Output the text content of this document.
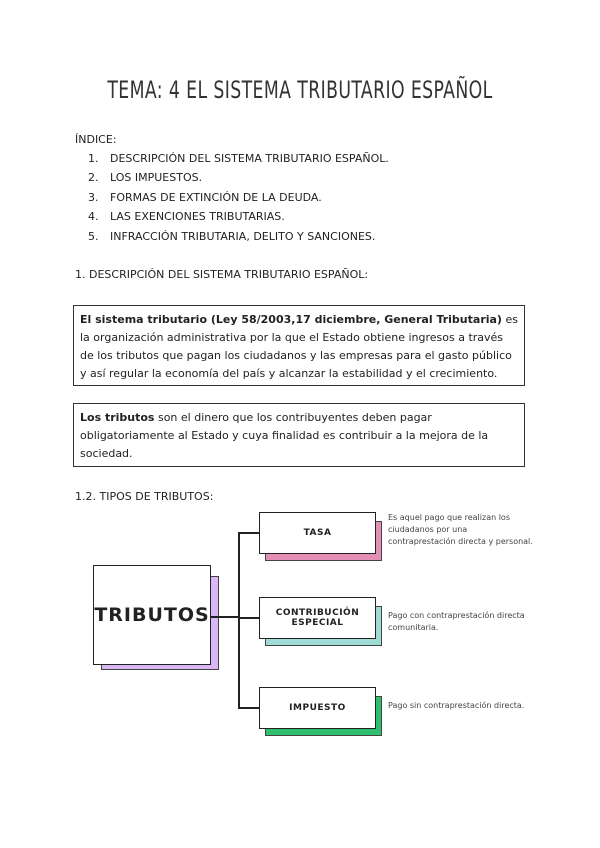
TEMA: 4 EL SISTEMA TRIBUTARIO ESPAÑOL
ÍNDICE:
1. DESCRIPCIÓN DEL SISTEMA TRIBUTARIO ESPAÑOL.
2. LOS IMPUESTOS.
3. FORMAS DE EXTINCIÓN DE LA DEUDA.
4. LAS EXENCIONES TRIBUTARIAS.
5. INFRACCIÓN TRIBUTARIA, DELITO Y SANCIONES.
1. DESCRIPCIÓN DEL SISTEMA TRIBUTARIO ESPAÑOL:
El sistema tributario (Ley 58/2003,17 diciembre, General Tributaria) es la organización administrativa por la que el Estado obtiene ingresos a través de los tributos que pagan los ciudadanos y las empresas para el gasto público y así regular la economía del país y alcanzar la estabilidad y el crecimiento.
Los tributos son el dinero que los contribuyentes deben pagar obligatoriamente al Estado y cuya finalidad es contribuir a la mejora de la sociedad.
1.2. TIPOS DE TRIBUTOS:
TRIBUTOS
TASA
Es aquel pago que realizan los ciudadanos por una contraprestación directa y personal.
CONTRIBUCIÓN ESPECIAL
Pago con contraprestación directa comunitaria.
IMPUESTO	Pago sin contraprestación directa.
